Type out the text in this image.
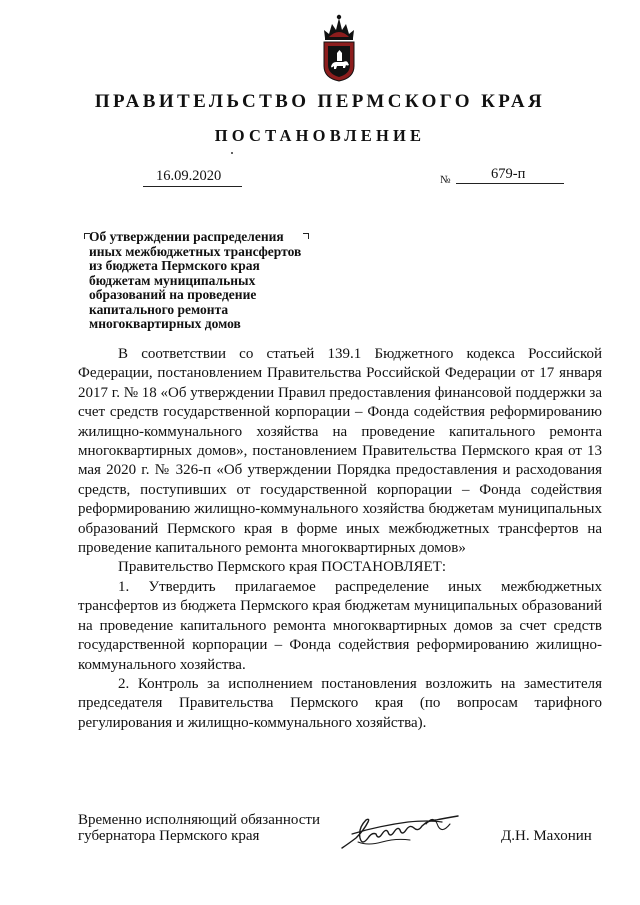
ПРАВИТЕЛЬСТВО ПЕРМСКОГО КРАЯ
ПОСТАНОВЛЕНИЕ
16.09.2020	№	679-п
Об утверждении распределения
иных межбюджетных трансфертов
из бюджета Пермского края
бюджетам муниципальных
образований на проведение
капитального ремонта
многоквартирных домов

В соответствии со статьей 139.1 Бюджетного кодекса Российской Федерации, постановлением Правительства Российской Федерации от 17 января 2017 г. № 18 «Об утверждении Правил предоставления финансовой поддержки за счет средств государственной корпорации – Фонда содействия реформированию жилищно-коммунального хозяйства на проведение капитального ремонта многоквартирных домов», постановлением Правительства Пермского края от 13 мая 2020 г. № 326-п «Об утверждении Порядка предоставления и расходования средств, поступивших от государственной корпорации – Фонда содействия реформированию жилищно-коммунального хозяйства бюджетам муниципальных образований Пермского края в форме иных межбюджетных трансфертов на проведение капитального ремонта многоквартирных домов»

Правительство Пермского края ПОСТАНОВЛЯЕТ:

1. Утвердить прилагаемое распределение иных межбюджетных трансфертов из бюджета Пермского края бюджетам муниципальных образований на проведение капитального ремонта многоквартирных домов за счет средств государственной корпорации – Фонда содействия реформированию жилищно-коммунального хозяйства.

2. Контроль за исполнением постановления возложить на заместителя председателя Правительства Пермского края (по вопросам тарифного регулирования и жилищно-коммунального хозяйства).

Временно исполняющий обязанности
губернатора Пермского края	Д.Н. Махонин
